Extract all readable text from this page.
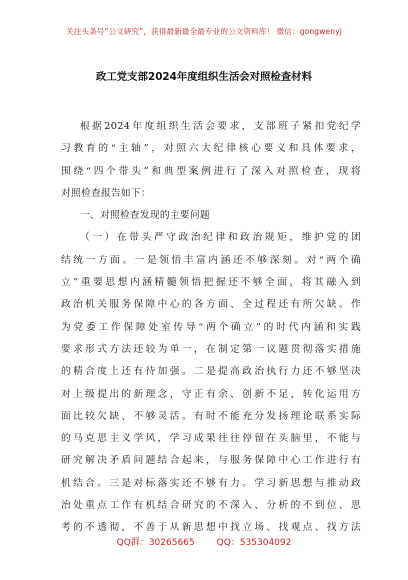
关注头条号“公文研究”，获得最新最全最专业的公文资料库！ 微信：gongwenyj
政工党支部2024年度组织生活会对照检查材料
根据2024年度组织生活会要求，支部班子紧扣党纪学
习教育的“主轴”，对照六大纪律核心要义和具体要求，
围绕“四个带头”和典型案例进行了深入对照检查，现将
对照检查报告如下：
一、对照检查发现的主要问题
（一）在带头严守政治纪律和政治规矩，维护党的团
结统一方面。一是领悟丰富内涵还不够深刻。对“两个确
立”重要思想内涵精髓领悟把握还不够全面，将其融入到
政治机关服务保障中心的各方面、全过程还有所欠缺。作
为党委工作保障处室传导“两个确立”的时代内涵和实践
要求形式方法还较为单一，在制定第一议题贯彻落实措施
的精合度上还有待加强。二是提高政治执行力还不够坚决
对上级提出的新理念，守正有余、创新不足，转化运用方
面比较欠缺、不够灵活。有时不能充分发扬理论联系实际
的马克思主义学风，学习成果往往停留在头脑里，不能与
研究解决矛盾问题结合起来，与服务保障中心工作进行有
机结合。三是对标落实还不够有力。学习新思想与推动政
治处重点工作有机结合研究的不深入、分析的不到位、思
考的不透彻，不善于从新思想中找立场、找观点、找方法
QQ群：30265665 QQ：535304092
